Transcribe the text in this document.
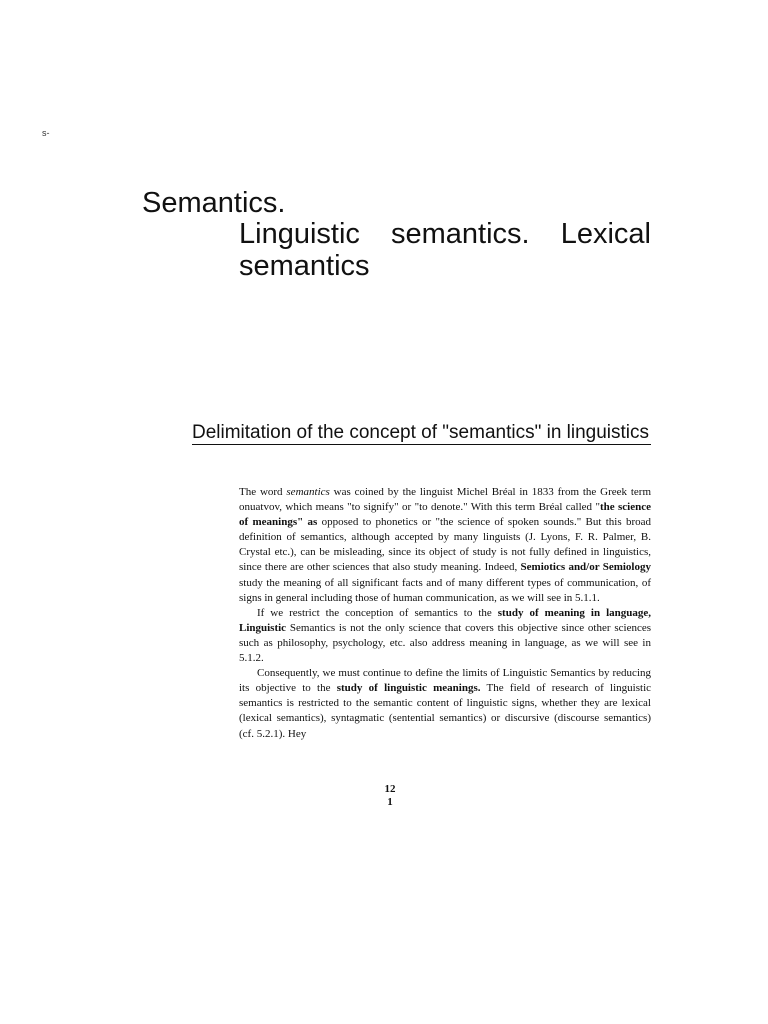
s-
Semantics.
Linguistic semantics. Lexical semantics
Delimitation of the concept of "semantics" in linguistics

The word semantics was coined by the linguist Michel Bréal in 1833 from the Greek term onuatvov, which means "to signify" or "to denote." With this term Bréal called "the science of meanings" as opposed to phonetics or "the science of spoken sounds." But this broad definition of semantics, although accepted by many linguists (J. Lyons, F. R. Palmer, B. Crystal etc.), can be misleading, since its object of study is not fully defined in linguistics, since there are other sciences that also study meaning. Indeed, Semiotics and/or Semiology study the meaning of all significant facts and of many different types of communication, of signs in general including those of human communication, as we will see in 5.1.1.

If we restrict the conception of semantics to the study of meaning in language, Linguistic Semantics is not the only science that covers this objective since other sciences such as philosophy, psychology, etc. also address meaning in language, as we will see in 5.1.2.

Consequently, we must continue to define the limits of Linguistic Semantics by reducing its objective to the study of linguistic meanings. The field of research of linguistic semantics is restricted to the semantic content of linguistic signs, whether they are lexical (lexical semantics), syntagmatic (sentential semantics) or discursive (discourse semantics) (cf. 5.2.1). Hey

12
1
